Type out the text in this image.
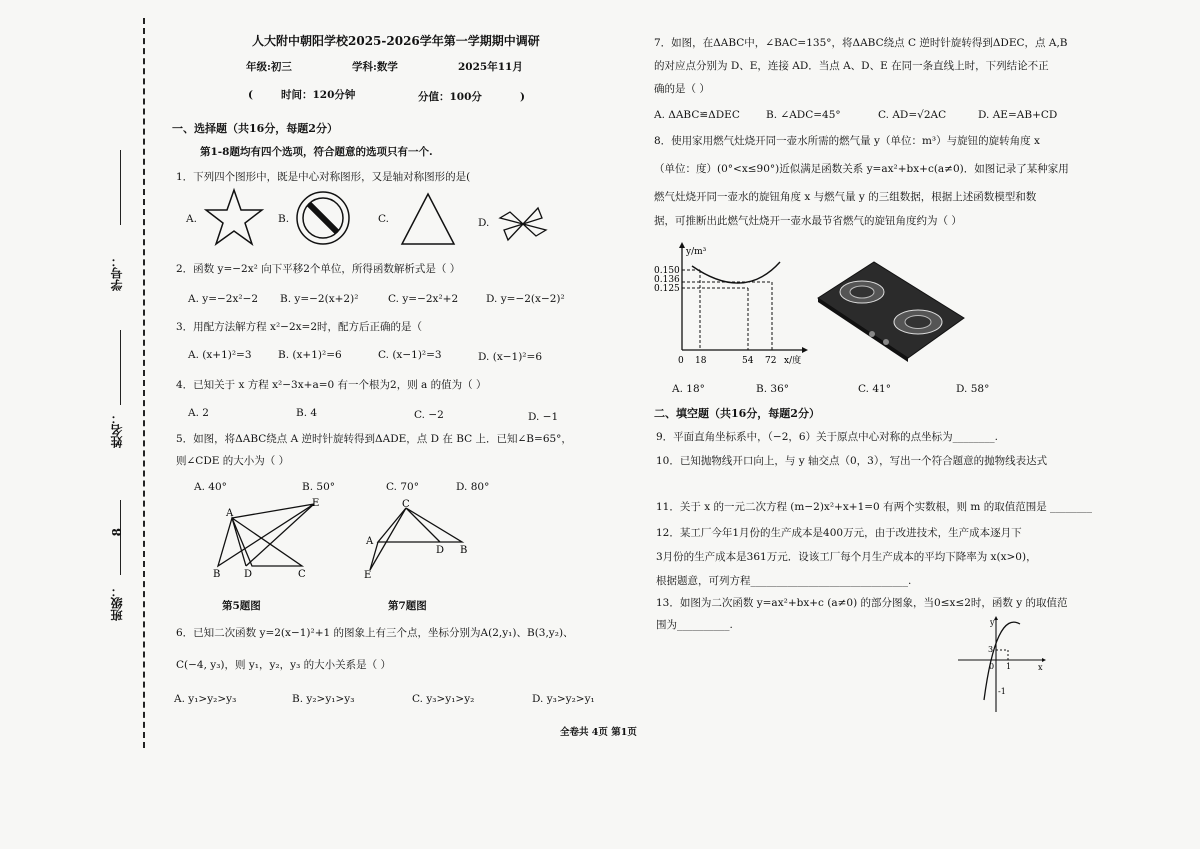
学号：
姓名：
班级：
8
人大附中朝阳学校2025-2026学年第一学期期中调研
年级:初三	学科:数学	2025年11月
(	时间：120分钟	分值：100分	)
一、选择题（共16分，每题2分）
第1-8题均有四个选项，符合题意的选项只有一个.
1．下列四个图形中，既是中心对称图形，又是轴对称图形的是(
A.	B.	C.	D.
2．函数 y=−2x² 向下平移2个单位，所得函数解析式是（ ）
A. y=−2x²−2 B. y=−2(x+2)²	C. y=−2x²+2	D. y=−2(x−2)²
3．用配方法解方程 x²−2x=2时，配方后正确的是（
A. (x+1)²=3	B. (x+1)²=6	C. (x−1)²=3	D. (x−1)²=6
4．已知关于 x 方程 x²−3x+a=0 有一个根为2，则 a 的值为（ ）
A. 2	B. 4	C. −2	D. −1
5．如图，将ΔABC绕点 A 逆时针旋转得到ΔADE，点 D 在 BC 上．已知∠B=65°，
则∠CDE 的大小为（ ）
A. 40°	B. 50°	C. 70°	D. 80°
A
E
B D	C
C
A
D B
E
第5题图	第7题图
6．已知二次函数 y=2(x−1)²+1 的图象上有三个点，坐标分别为A(2,y₁)、B(3,y₂)、
C(−4, y₃)，则 y₁，y₂，y₃ 的大小关系是（ ）
A. y₁>y₂>y₃	B. y₂>y₁>y₃	C. y₃>y₁>y₂	D. y₃>y₂>y₁
7．如图，在ΔABC中，∠BAC=135°，将ΔABC绕点 C 逆时针旋转得到ΔDEC，点 A,B
的对应点分别为 D、E，连接 AD．当点 A、D、E 在同一条直线上时，下列结论不正
确的是（ ）
A. ΔABC≌ΔDEC B. ∠ADC=45°	C. AD=√2AC	D. AE=AB+CD
8．使用家用燃气灶烧开同一壶水所需的燃气量 y（单位：m³）与旋钮的旋转角度 x
（单位：度）(0°<x≤90°)近似满足函数关系 y=ax²+bx+c(a≠0)．如图记录了某种家用
燃气灶烧开同一壶水的旋钮角度 x 与燃气量 y 的三组数据，根据上述函数模型和数
据，可推断出此燃气灶烧开一壶水最节省燃气的旋钮角度约为（ ）
y/m³
0.150
0.136
0.125
0 18	54 72 x/度
A. 18°	B. 36°	C. 41°	D. 58°
二、填空题（共16分，每题2分）
9．平面直角坐标系中，（−2，6）关于原点中心对称的点坐标为________.
10．已知抛物线开口向上，与 y 轴交点（0，3），写出一个符合题意的抛物线表达式
11．关于 x 的一元二次方程 (m−2)x²+x+1=0 有两个实数根，则 m 的取值范围是 ________
12．某工厂今年1月份的生产成本是400万元，由于改进技术，生产成本逐月下
3月份的生产成本是361万元．设该工厂每个月生产成本的平均下降率为 x(x>0)，
根据题意，可列方程______________________________.
13．如图为二次函数 y=ax²+bx+c (a≠0) 的部分图象，当0≤x≤2时，函数 y 的取值范
围为__________.	y
x
0 1
3
-1
全卷共 4页 第1页
